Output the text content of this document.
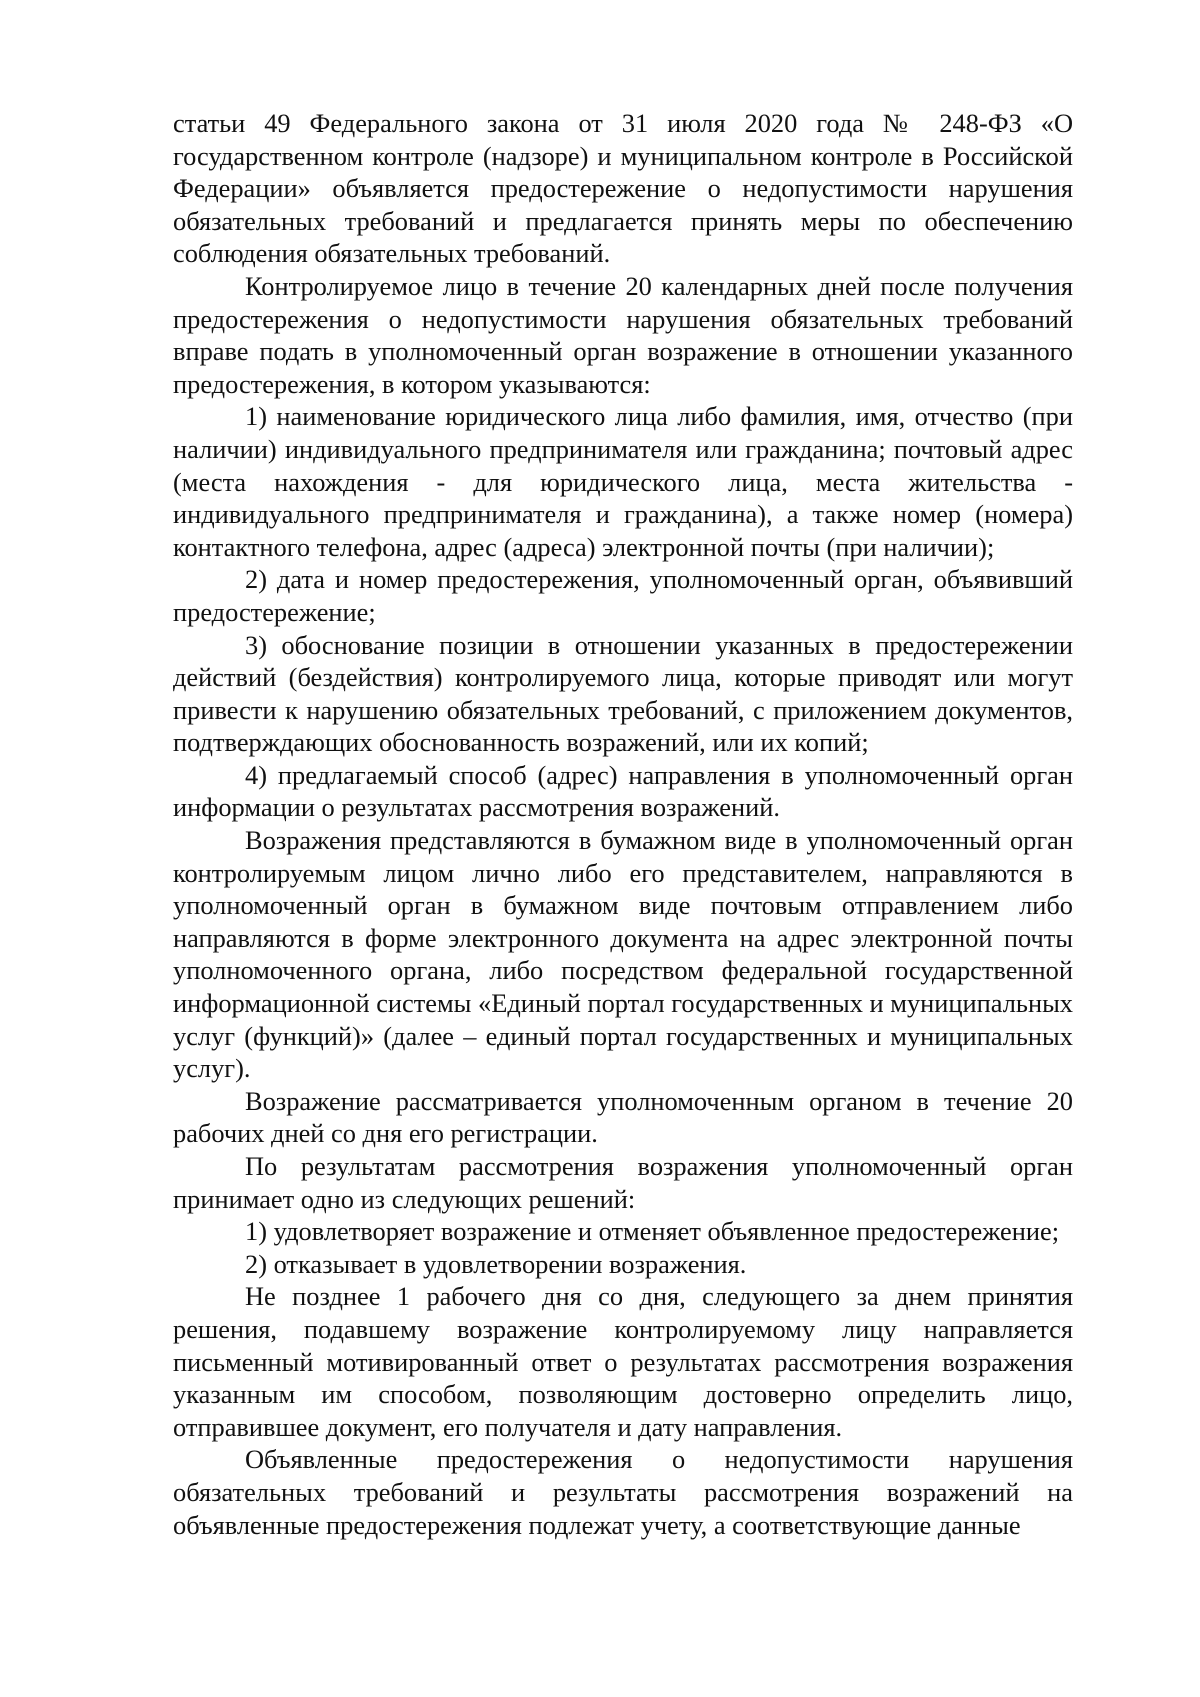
статьи 49 Федерального закона от 31 июля 2020 года № 248-ФЗ «О государственном контроле (надзоре) и муниципальном контроле в Российской Федерации» объявляется предостережение о недопустимости нарушения обязательных требований и предлагается принять меры по обеспечению соблюдения обязательных требований.

Контролируемое лицо в течение 20 календарных дней после получения предостережения о недопустимости нарушения обязательных требований вправе подать в уполномоченный орган возражение в отношении указанного предостережения, в котором указываются:

1) наименование юридического лица либо фамилия, имя, отчество (при наличии) индивидуального предпринимателя или гражданина; почтовый адрес (места нахождения - для юридического лица, места жительства - индивидуального предпринимателя и гражданина), а также номер (номера) контактного телефона, адрес (адреса) электронной почты (при наличии);

2) дата и номер предостережения, уполномоченный орган, объявивший предостережение;

3) обоснование позиции в отношении указанных в предостережении действий (бездействия) контролируемого лица, которые приводят или могут привести к нарушению обязательных требований, с приложением документов, подтверждающих обоснованность возражений, или их копий;

4) предлагаемый способ (адрес) направления в уполномоченный орган информации о результатах рассмотрения возражений.

Возражения представляются в бумажном виде в уполномоченный орган контролируемым лицом лично либо его представителем, направляются в уполномоченный орган в бумажном виде почтовым отправлением либо направляются в форме электронного документа на адрес электронной почты уполномоченного органа, либо посредством федеральной государственной информационной системы «Единый портал государственных и муниципальных услуг (функций)» (далее – единый портал государственных и муниципальных услуг).

Возражение рассматривается уполномоченным органом в течение 20 рабочих дней со дня его регистрации.

По результатам рассмотрения возражения уполномоченный орган принимает одно из следующих решений:

1) удовлетворяет возражение и отменяет объявленное предостережение;

2) отказывает в удовлетворении возражения.

Не позднее 1 рабочего дня со дня, следующего за днем принятия решения, подавшему возражение контролируемому лицу направляется письменный мотивированный ответ о результатах рассмотрения возражения указанным им способом, позволяющим достоверно определить лицо, отправившее документ, его получателя и дату направления.

Объявленные предостережения о недопустимости нарушения обязательных требований и результаты рассмотрения возражений на объявленные предостережения подлежат учету, а соответствующие данные
